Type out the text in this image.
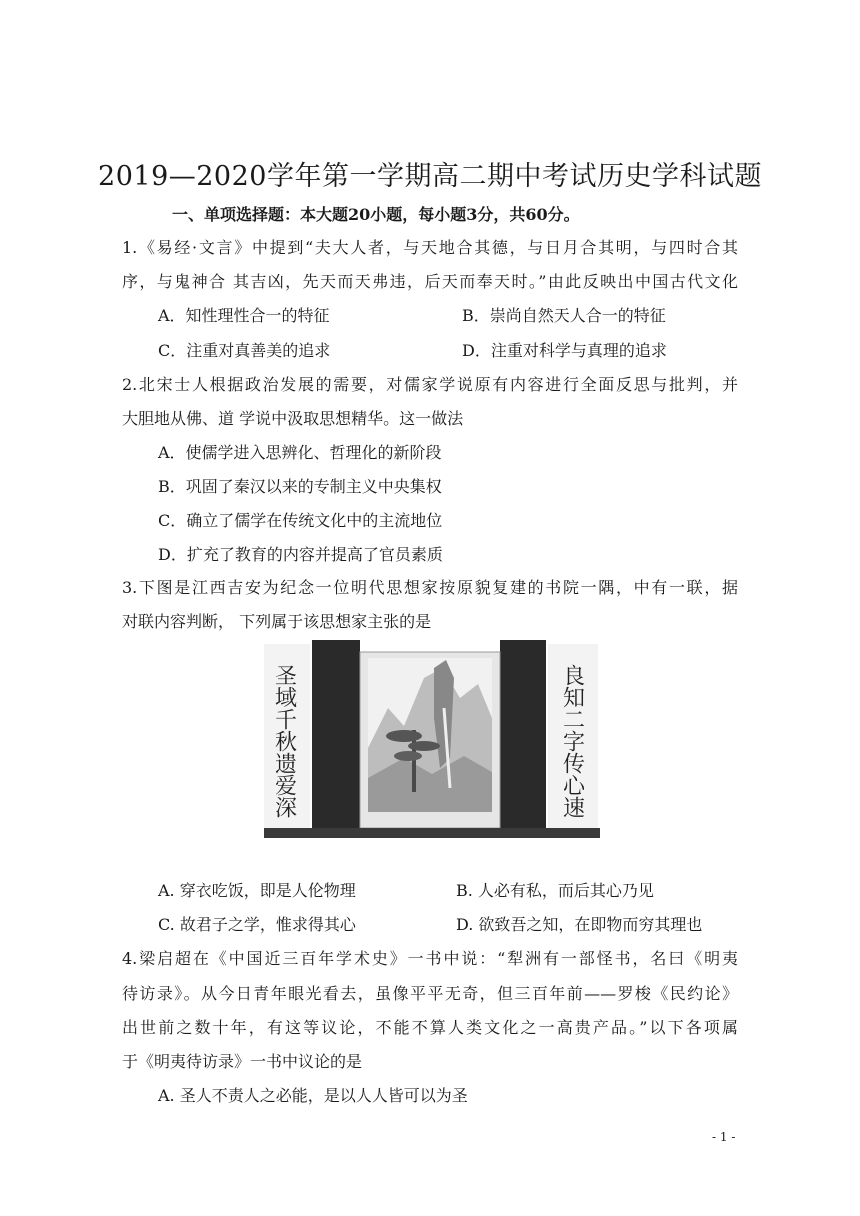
2019—2020学年第一学期高二期中考试历史学科试题
一、单项选择题：本大题20小题，每小题3分，共60分。
1.《易经·文言》中提到“夫大人者，与天地合其德，与日月合其明，与四时合其
序，与鬼神合 其吉凶，先天而天弗违，后天而奉天时。”由此反映出中国古代文化
A．知性理性合一的特征	B．崇尚自然天人合一的特征
C．注重对真善美的追求	D．注重对科学与真理的追求
2.北宋士人根据政治发展的需要，对儒家学说原有内容进行全面反思与批判，并
大胆地从佛、道 学说中汲取思想精华。这一做法
A．使儒学进入思辨化、哲理化的新阶段
B．巩固了秦汉以来的专制主义中央集权
C．确立了儒学在传统文化中的主流地位
D．扩充了教育的内容并提高了官员素质
3.下图是江西吉安为纪念一位明代思想家按原貌复建的书院一隅，中有一联，据
对联内容判断， 下列属于该思想家主张的是
圣域千秋遗爱深	良知二字传心速
A. 穿衣吃饭，即是人伦物理	B. 人必有私，而后其心乃见
C. 故君子之学，惟求得其心	D. 欲致吾之知，在即物而穷其理也
4.梁启超在《中国近三百年学术史》一书中说：“犁洲有一部怪书，名曰《明夷
待访录》。从今日青年眼光看去，虽像平平无奇，但三百年前——罗梭《民约论》
出世前之数十年，有这等议论，不能不算人类文化之一高贵产品。”以下各项属
于《明夷待访录》一书中议论的是
A. 圣人不责人之必能，是以人人皆可以为圣
- 1 -
